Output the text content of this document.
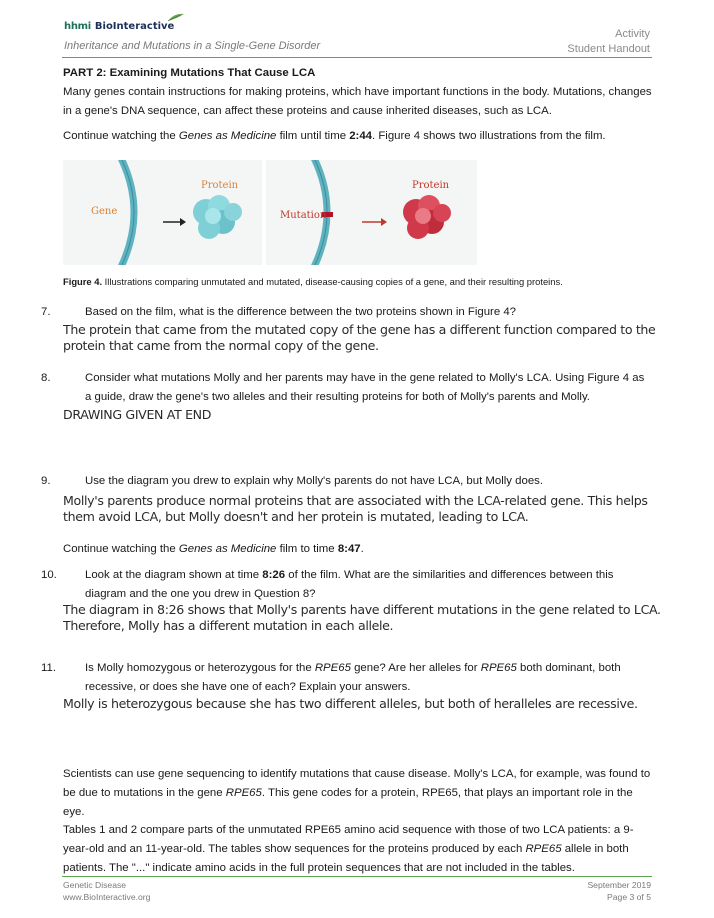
hhmi BioInteractive
Inheritance and Mutations in a Single-Gene Disorder
Activity
Student Handout
PART 2: Examining Mutations That Cause LCA
Many genes contain instructions for making proteins, which have important functions in the body. Mutations, changes in a gene's DNA sequence, can affect these proteins and cause inherited diseases, such as LCA.
Continue watching the Genes as Medicine film until time 2:44. Figure 4 shows two illustrations from the film.
Gene
Protein
Mutation
Protein
Figure 4. Illustrations comparing unmutated and mutated, disease-causing copies of a gene, and their resulting proteins.
7.	Based on the film, what is the difference between the two proteins shown in Figure 4?
The protein that came from the mutated copy of the gene has a different function compared to the protein that came from the normal copy of the gene.
8.	Consider what mutations Molly and her parents may have in the gene related to Molly's LCA. Using Figure 4 as a guide, draw the gene's two alleles and their resulting proteins for both of Molly's parents and Molly.
DRAWING GIVEN AT END
9.	Use the diagram you drew to explain why Molly's parents do not have LCA, but Molly does.
Molly's parents produce normal proteins that are associated with the LCA-related gene. This helps them avoid LCA, but Molly doesn't and her protein is mutated, leading to LCA.
Continue watching the Genes as Medicine film to time 8:47.
10. Look at the diagram shown at time 8:26 of the film. What are the similarities and differences between this diagram and the one you drew in Question 8?
The diagram in 8:26 shows that Molly's parents have different mutations in the gene related to LCA. Therefore, Molly has a different mutation in each allele.
11.	Is Molly homozygous or heterozygous for the RPE65 gene? Are her alleles for RPE65 both dominant, both recessive, or does she have one of each? Explain your answers.
Molly is heterozygous because she has two different alleles, but both of heralleles are recessive.
Scientists can use gene sequencing to identify mutations that cause disease. Molly's LCA, for example, was found to be due to mutations in the gene RPE65. This gene codes for a protein, RPE65, that plays an important role in the eye.
Tables 1 and 2 compare parts of the unmutated RPE65 amino acid sequence with those of two LCA patients: a 9-year-old and an 11-year-old. The tables show sequences for the proteins produced by each RPE65 allele in both patients. The "..." indicate amino acids in the full protein sequences that are not included in the tables.
Genetic Disease
www.BioInteractive.org
September 2019
Page 3 of 5
